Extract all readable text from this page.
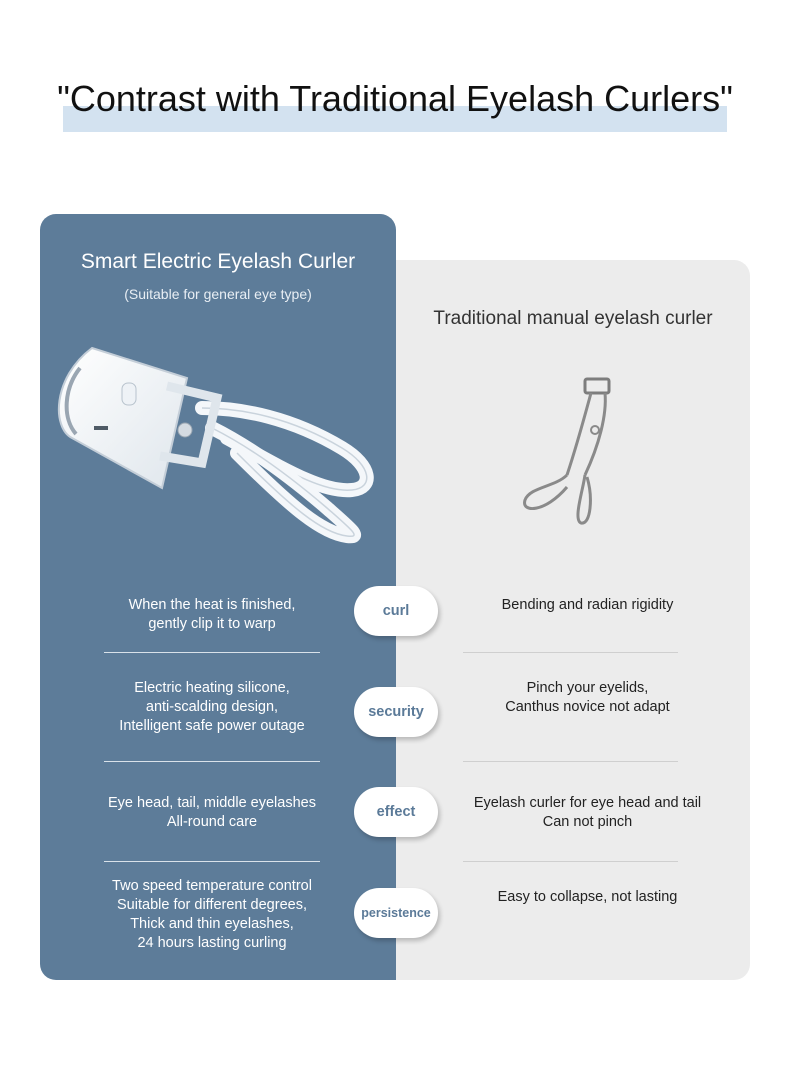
"Contrast with Traditional Eyelash Curlers"
Smart Electric Eyelash Curler
(Suitable for general eye type)
Traditional manual eyelash curler
When the heat is finished,
gently clip it to warp
curl	Bending and radian rigidity
Electric heating silicone,
anti-scalding design,
Intelligent safe power outage
security
Pinch your eyelids,
Canthus novice not adapt
Eye head, tail, middle eyelashes
All-round care
effect
Eyelash curler for eye head and tail
Can not pinch
Two speed temperature control
Suitable for different degrees,
Thick and thin eyelashes,
24 hours lasting curling
persistence
Easy to collapse, not lasting
